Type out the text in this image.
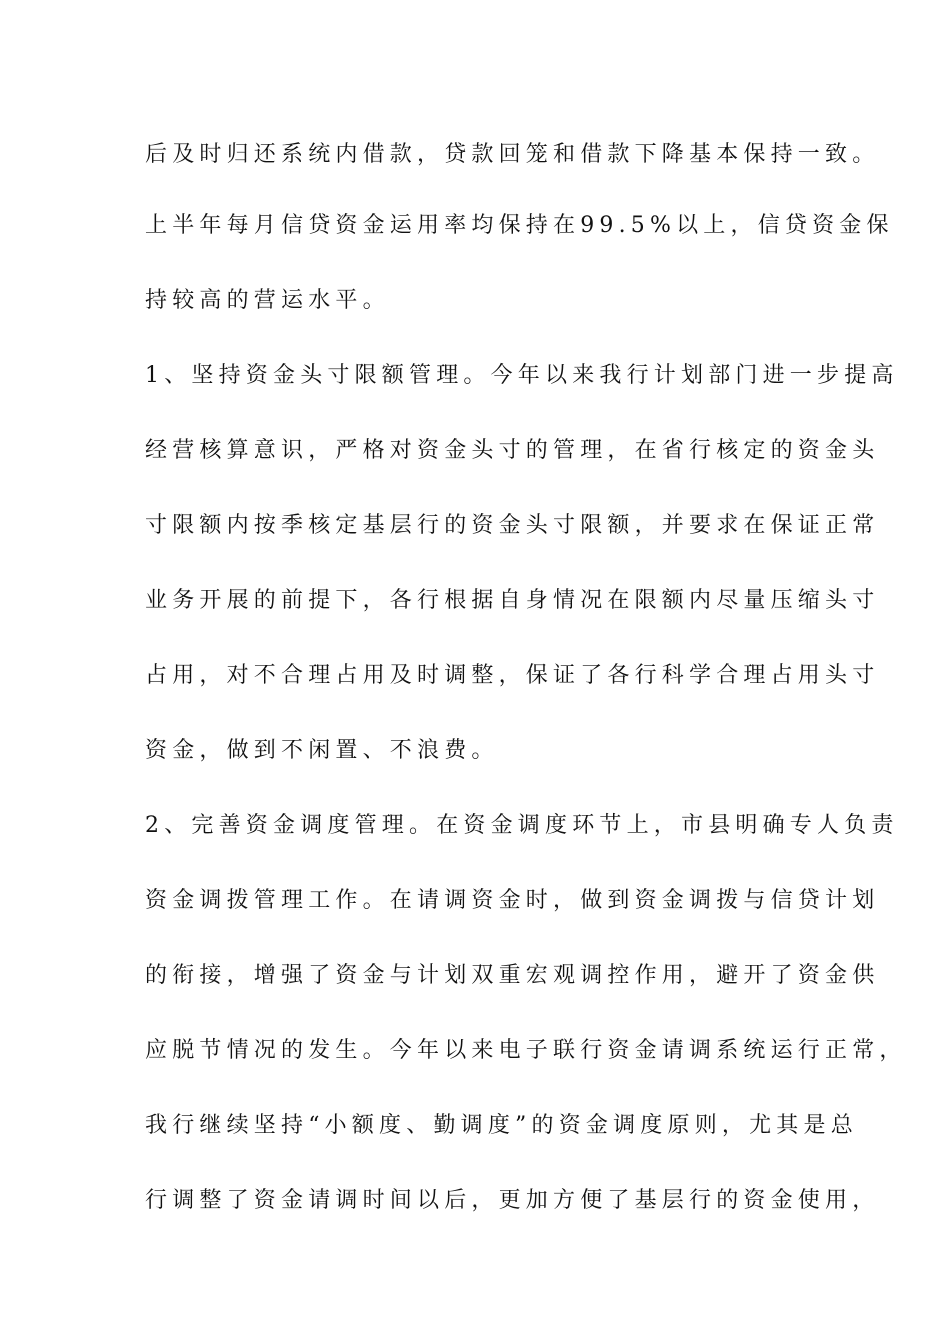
后及时归还系统内借款，贷款回笼和借款下降基本保持一致。
上半年每月信贷资金运用率均保持在99.5%以上，信贷资金保
持较高的营运水平。
1、坚持资金头寸限额管理。今年以来我行计划部门进一步提高
经营核算意识，严格对资金头寸的管理，在省行核定的资金头
寸限额内按季核定基层行的资金头寸限额，并要求在保证正常
业务开展的前提下，各行根据自身情况在限额内尽量压缩头寸
占用，对不合理占用及时调整，保证了各行科学合理占用头寸
资金，做到不闲置、不浪费。
2、完善资金调度管理。在资金调度环节上，市县明确专人负责
资金调拨管理工作。在请调资金时，做到资金调拨与信贷计划
的衔接，增强了资金与计划双重宏观调控作用，避开了资金供
应脱节情况的发生。今年以来电子联行资金请调系统运行正常，
我行继续坚持“小额度、勤调度”的资金调度原则，尤其是总
行调整了资金请调时间以后，更加方便了基层行的资金使用，
